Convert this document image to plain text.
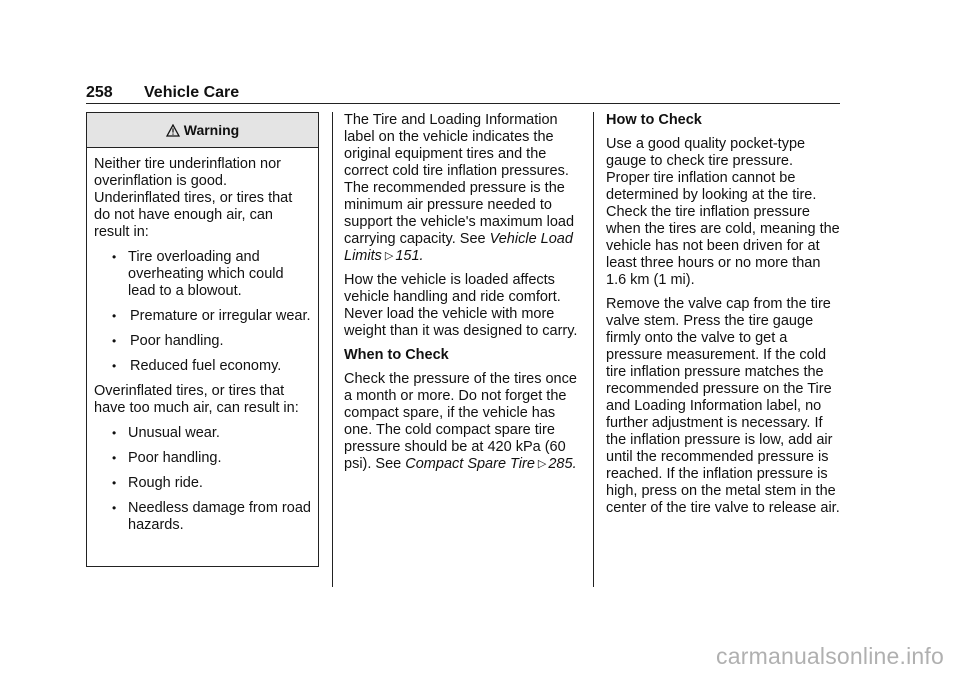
258 Vehicle Care
Warning

Neither tire underinflation nor overinflation is good. Underinflated tires, or tires that do not have enough air, can result in:

• Tire overloading and overheating which could lead to a blowout.
• Premature or irregular wear.
• Poor handling.
• Reduced fuel economy.

Overinflated tires, or tires that have too much air, can result in:

• Unusual wear.
• Poor handling.
• Rough ride.
• Needless damage from road hazards.

The Tire and Loading Information label on the vehicle indicates the original equipment tires and the correct cold tire inflation pressures. The recommended pressure is the minimum air pressure needed to support the vehicle's maximum load carrying capacity. See Vehicle Load Limits ▷ 151.

How the vehicle is loaded affects vehicle handling and ride comfort. Never load the vehicle with more weight than it was designed to carry.

When to Check

Check the pressure of the tires once a month or more. Do not forget the compact spare, if the vehicle has one. The cold compact spare tire pressure should be at 420 kPa (60 psi). See Compact Spare Tire ▷ 285.

How to Check

Use a good quality pocket-type gauge to check tire pressure. Proper tire inflation cannot be determined by looking at the tire. Check the tire inflation pressure when the tires are cold, meaning the vehicle has not been driven for at least three hours or no more than 1.6 km (1 mi).

Remove the valve cap from the tire valve stem. Press the tire gauge firmly onto the valve to get a pressure measurement. If the cold tire inflation pressure matches the recommended pressure on the Tire and Loading Information label, no further adjustment is necessary. If the inflation pressure is low, add air until the recommended pressure is reached. If the inflation pressure is high, press on the metal stem in the center of the tire valve to release air.

carmanualsonline.info
